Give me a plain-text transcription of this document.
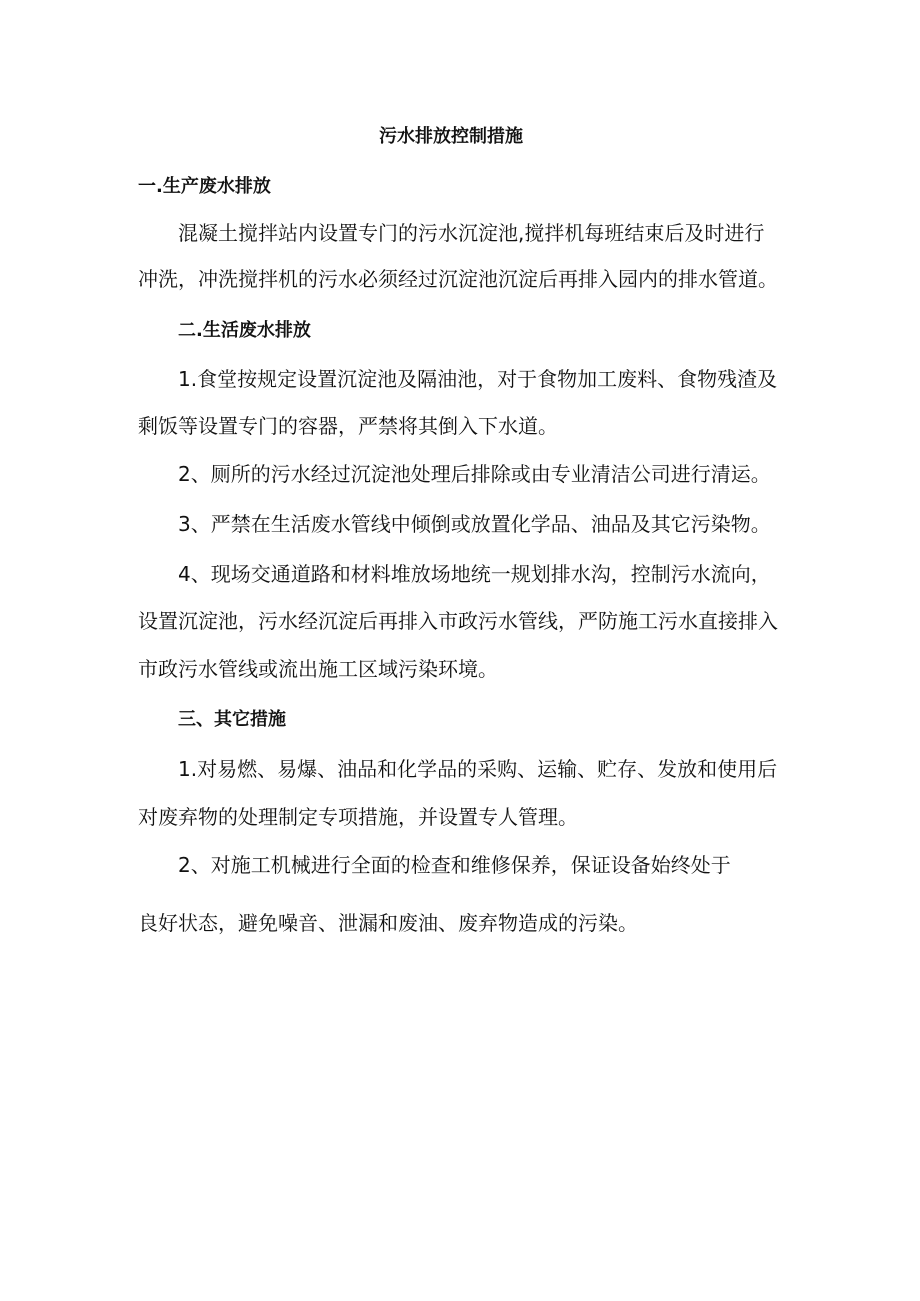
污水排放控制措施
一.生产废水排放
混凝土搅拌站内设置专门的污水沉淀池,搅拌机每班结束后及时进行
冲洗，冲洗搅拌机的污水必须经过沉淀池沉淀后再排入园内的排水管道。
二.生活废水排放
1.食堂按规定设置沉淀池及隔油池，对于食物加工废料、食物残渣及
剩饭等设置专门的容器，严禁将其倒入下水道。
2、厕所的污水经过沉淀池处理后排除或由专业清洁公司进行清运。
3、严禁在生活废水管线中倾倒或放置化学品、油品及其它污染物。
4、现场交通道路和材料堆放场地统一规划排水沟，控制污水流向，
设置沉淀池，污水经沉淀后再排入市政污水管线，严防施工污水直接排入
市政污水管线或流出施工区域污染环境。
三、其它措施
1.对易燃、易爆、油品和化学品的采购、运输、贮存、发放和使用后
对废弃物的处理制定专项措施，并设置专人管理。
2、对施工机械进行全面的检查和维修保养，保证设备始终处于
良好状态，避免噪音、泄漏和废油、废弃物造成的污染。
